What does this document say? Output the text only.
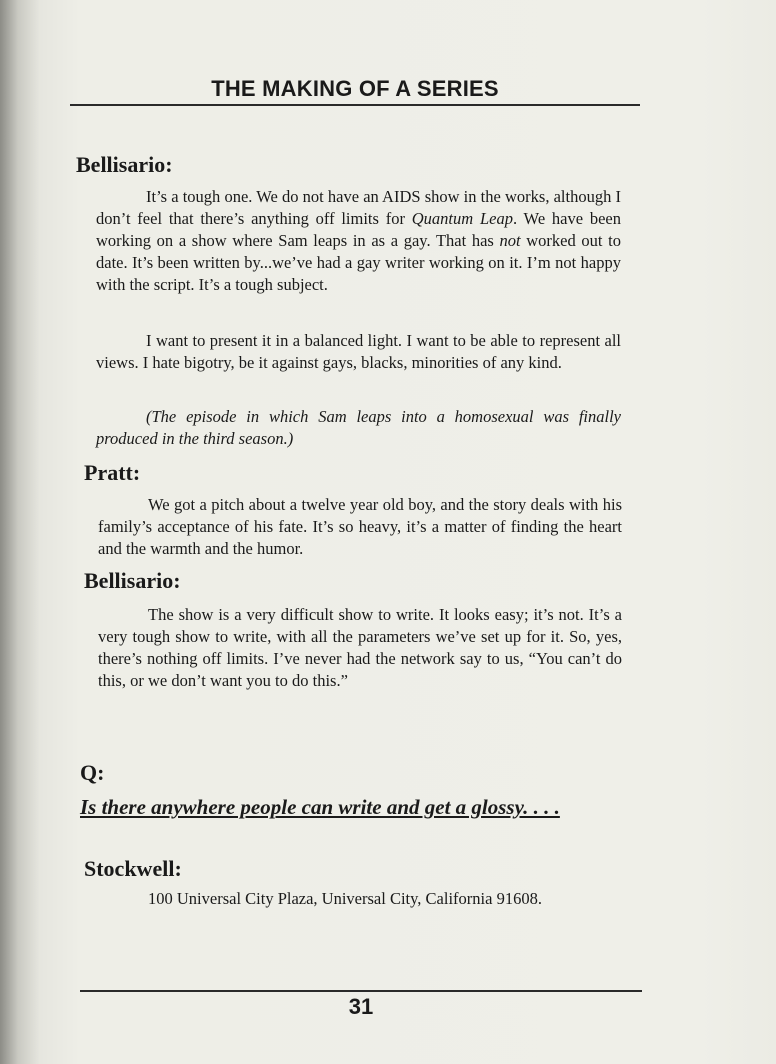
THE MAKING OF A SERIES
Bellisario:

It’s a tough one. We do not have an AIDS show in the works, although I don’t feel that there’s anything off limits for Quantum Leap. We have been working on a show where Sam leaps in as a gay. That has not worked out to date. It’s been written by...we’ve had a gay writer working on it. I’m not happy with the script. It’s a tough subject.

I want to present it in a balanced light. I want to be able to represent all views. I hate bigotry, be it against gays, blacks, minorities of any kind.

(The episode in which Sam leaps into a homosexual was finally produced in the third season.)

Pratt:

We got a pitch about a twelve year old boy, and the story deals with his family’s acceptance of his fate. It’s so heavy, it’s a matter of finding the heart and the warmth and the humor.

Bellisario:

The show is a very difficult show to write. It looks easy; it’s not. It’s a very tough show to write, with all the parameters we’ve set up for it. So, yes, there’s nothing off limits. I’ve never had the network say to us, “You can’t do this, or we don’t want you to do this.”

Q:
Is there anywhere people can write and get a glossy. . . .
Stockwell:

100 Universal City Plaza, Universal City, California 91608.

31
